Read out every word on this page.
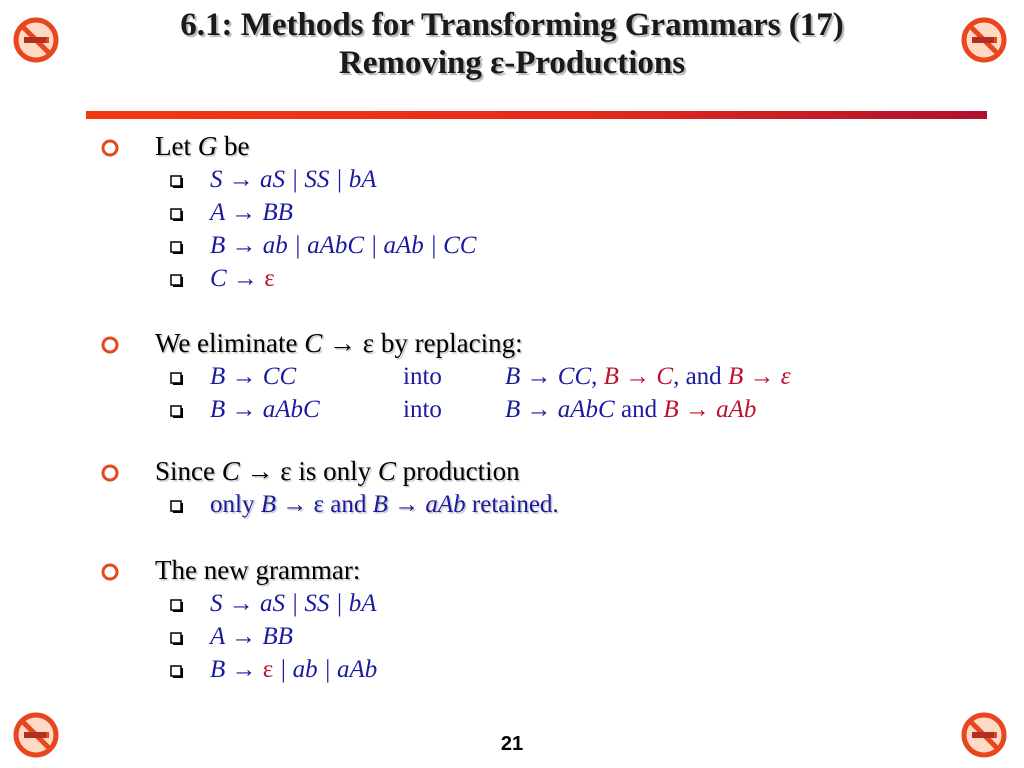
6.1: Methods for Transforming Grammars (17)
Removing ε-Productions
Let G be
S → aS | SS | bA
A → BB
B → ab | aAbC | aAb | CC
C → ε
We eliminate C → ε by replacing:
B → CC	into	B → CC, B → C, and B → ε
B → aAbC	into	B → aAbC and B → aAb
Since C → ε is only C production
only B → ε and B → aAb retained.
The new grammar:
S → aS | SS | bA
A → BB
B → ε | ab | aAb
21
